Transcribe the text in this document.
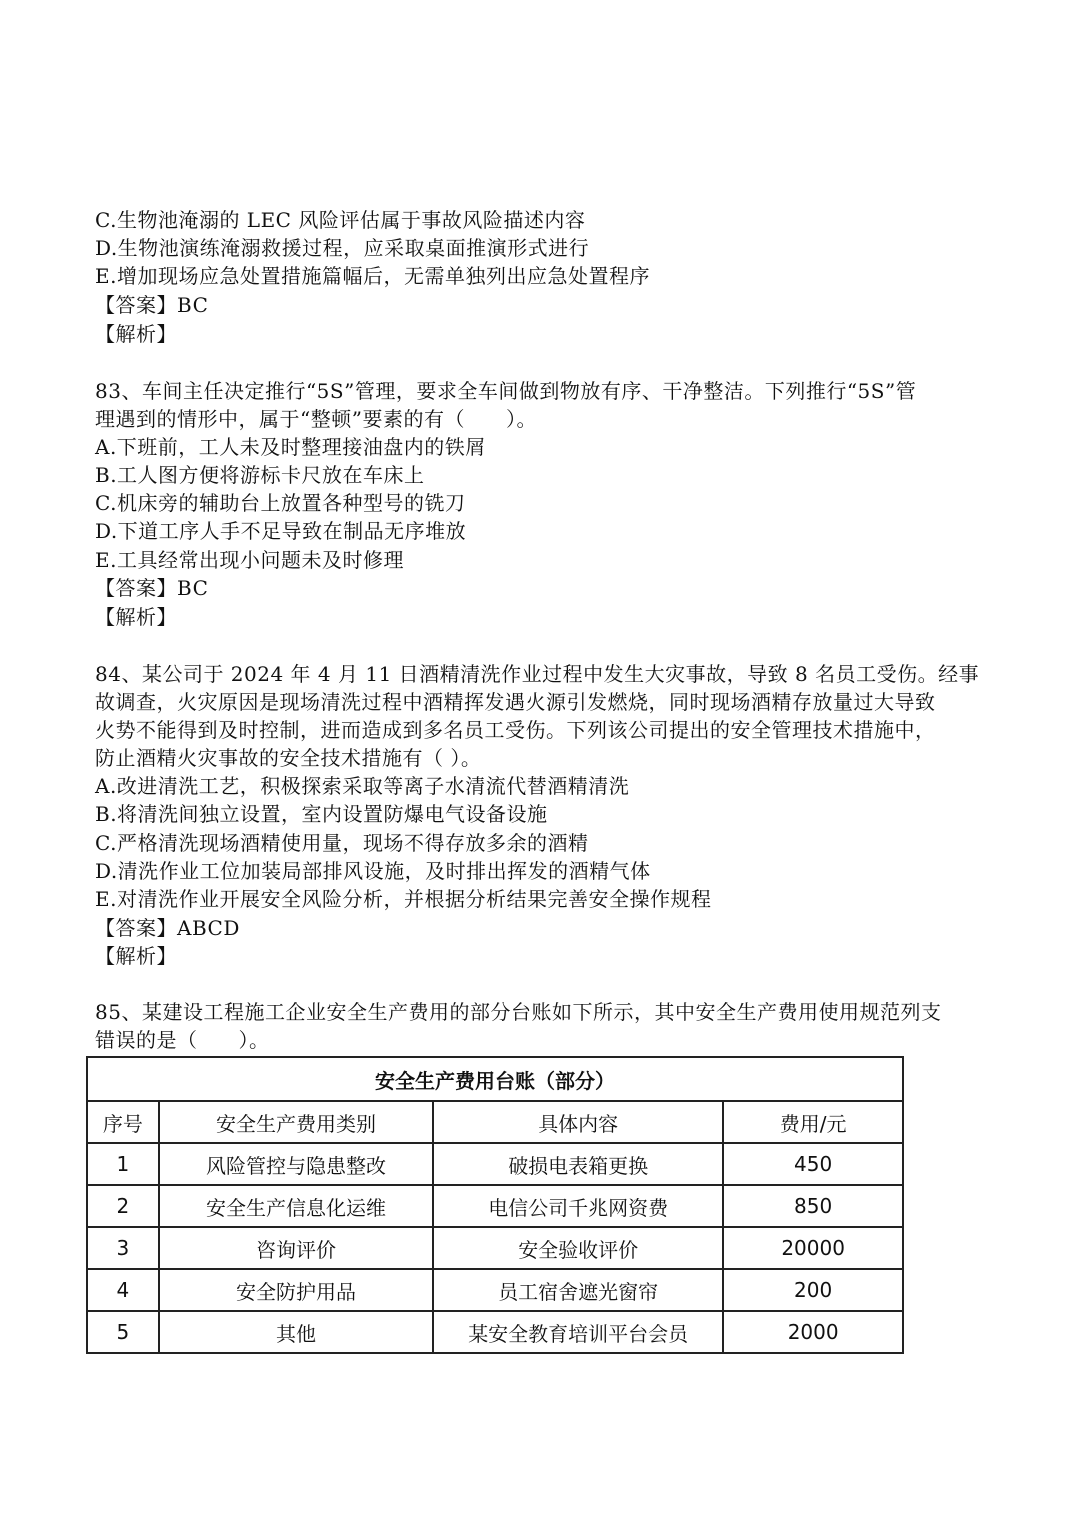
C.生物池淹溺的 LEC 风险评估属于事故风险描述内容
D.生物池演练淹溺救援过程，应采取桌面推演形式进行
E.增加现场应急处置措施篇幅后，无需单独列出应急处置程序
【答案】BC
【解析】
83、车间主任决定推行“5S”管理，要求全车间做到物放有序、干净整洁。下列推行“5S”管
理遇到的情形中，属于“整顿”要素的有（　　）。
A.下班前，工人未及时整理接油盘内的铁屑
B.工人图方便将游标卡尺放在车床上
C.机床旁的辅助台上放置各种型号的铣刀
D.下道工序人手不足导致在制品无序堆放
E.工具经常出现小问题未及时修理
【答案】BC
【解析】
84、某公司于 2024 年 4 月 11 日酒精清洗作业过程中发生大灾事故，导致 8 名员工受伤。经事
故调查，火灾原因是现场清洗过程中酒精挥发遇火源引发燃烧，同时现场酒精存放量过大导致
火势不能得到及时控制，进而造成到多名员工受伤。下列该公司提出的安全管理技术措施中，
防止酒精火灾事故的安全技术措施有（ ）。
A.改进清洗工艺，积极探索采取等离子水清流代替酒精清洗
B.将清洗间独立设置，室内设置防爆电气设备设施
C.严格清洗现场酒精使用量，现场不得存放多余的酒精
D.清洗作业工位加装局部排风设施，及时排出挥发的酒精气体
E.对清洗作业开展安全风险分析，并根据分析结果完善安全操作规程
【答案】ABCD
【解析】
85、某建设工程施工企业安全生产费用的部分台账如下所示，其中安全生产费用使用规范列支
错误的是（　　）。
安全生产费用台账（部分）			
序号	安全生产费用类别	具体内容	费用/元
1	风险管控与隐患整改	破损电表箱更换	450
2	安全生产信息化运维	电信公司千兆网资费	850
3	咨询评价	安全验收评价	20000
4	安全防护用品	员工宿舍遮光窗帘	200
5	其他	某安全教育培训平台会员	2000
